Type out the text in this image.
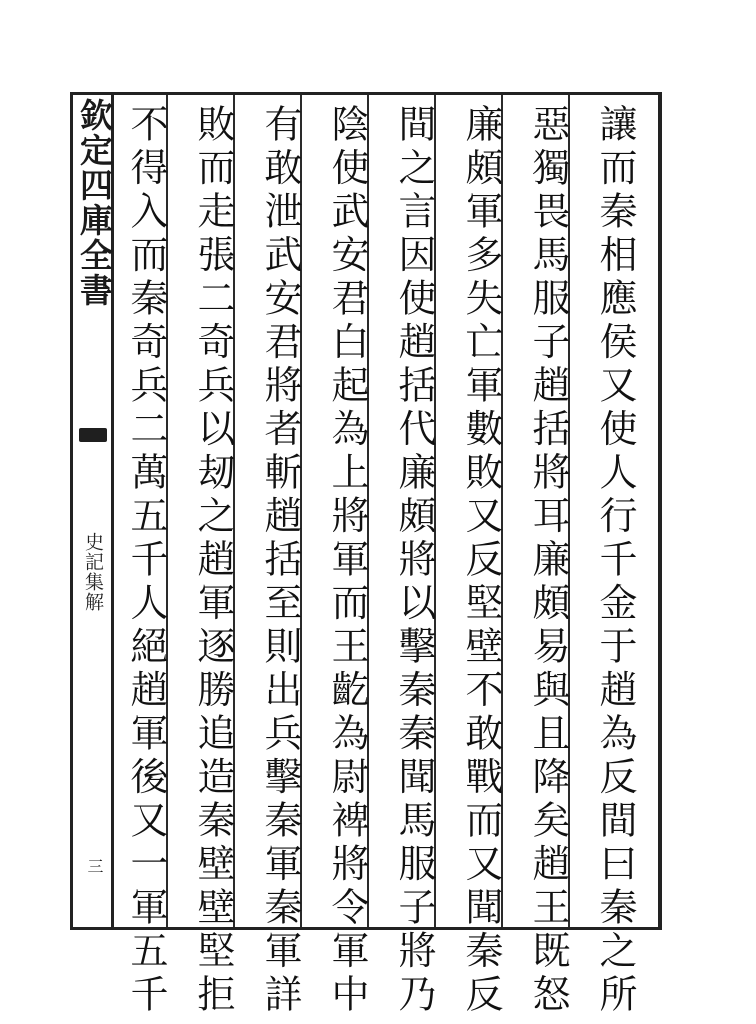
欽定四庫全書
史記集解
三	讓而秦相應侯又使人行千金于趙為反間曰秦之所
惡獨畏馬服子趙括將耳廉頗易與且降矣趙王既怒
廉頗軍多失亡軍數敗又反堅壁不敢戰而又聞秦反
間之言因使趙括代廉頗將以擊秦秦聞馬服子將乃
陰使武安君白起為上將軍而王齕為尉裨將令軍中
有敢泄武安君將者斬趙括至則出兵擊秦軍秦軍詳
敗而走張二奇兵以刼之趙軍逐勝追造秦壁壁堅拒
不得入而秦奇兵二萬五千人絕趙軍後又一軍五千
